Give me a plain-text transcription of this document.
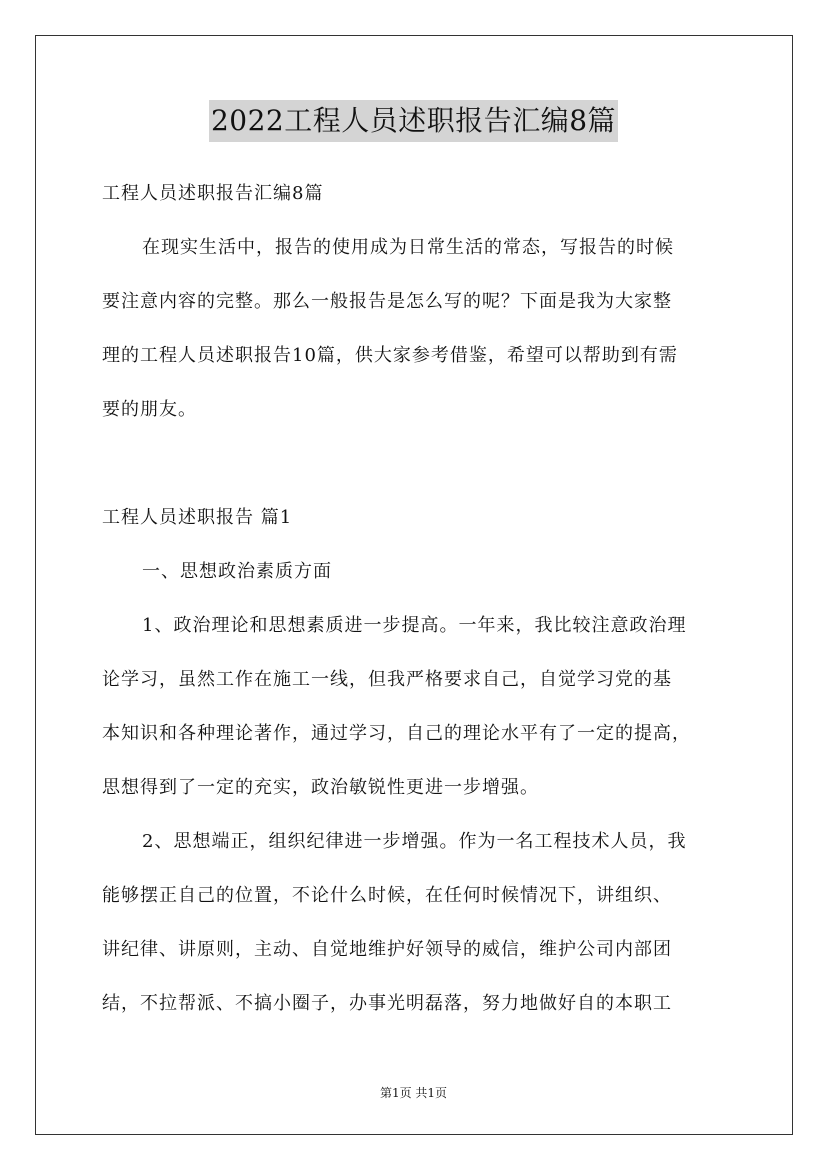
2022工程人员述职报告汇编8篇
工程人员述职报告汇编8篇
在现实生活中，报告的使用成为日常生活的常态，写报告的时候
要注意内容的完整。那么一般报告是怎么写的呢？下面是我为大家整
理的工程人员述职报告10篇，供大家参考借鉴，希望可以帮助到有需
要的朋友。
工程人员述职报告 篇1
一、思想政治素质方面
1、政治理论和思想素质进一步提高。一年来，我比较注意政治理
论学习，虽然工作在施工一线，但我严格要求自己，自觉学习党的基
本知识和各种理论著作，通过学习，自己的理论水平有了一定的提高，
思想得到了一定的充实，政治敏锐性更进一步增强。
2、思想端正，组织纪律进一步增强。作为一名工程技术人员，我
能够摆正自己的位置，不论什么时候，在任何时候情况下，讲组织、
讲纪律、讲原则，主动、自觉地维护好领导的威信，维护公司内部团
结，不拉帮派、不搞小圈子，办事光明磊落，努力地做好自的本职工
第1页 共1页
